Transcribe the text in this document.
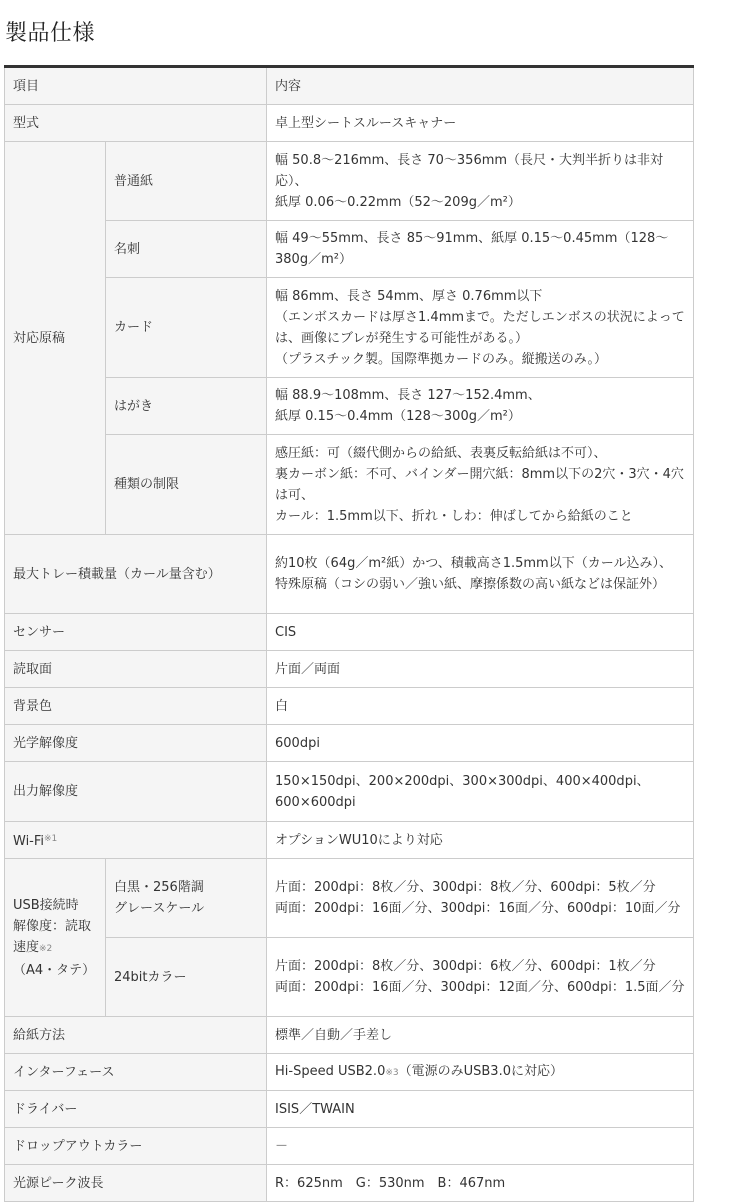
製品仕様
項目		内容
型式		卓上型シートスルースキャナー
対応原稿	普通紙	幅 50.8～216mm、長さ 70～356mm（長尺・大判半折りは非対応）、
紙厚 0.06～0.22mm（52～209g／m²）

	名刺	幅 49～55mm、長さ 85～91mm、紙厚 0.15～0.45mm（128～380g／m²）

	カード	幅 86mm、長さ 54mm、厚さ 0.76mm以下
（エンボスカードは厚さ1.4mmまで。ただしエンボスの状況によっては、画像にブレが発生する可能性がある。）
（プラスチック製。国際準拠カードのみ。縦搬送のみ。）

	はがき	幅 88.9～108mm、長さ 127～152.4mm、
紙厚 0.15～0.4mm（128～300g／m²）

	種類の制限	感圧紙：可（綴代側からの給紙、表裏反転給紙は不可）、
裏カーボン紙：不可、バインダー開穴紙：8mm以下の2穴・3穴・4穴は可、
カール：1.5mm以下、折れ・しわ：伸ばしてから給紙のこと

最大トレー積載量（カール量含む）		約10枚（64g／m²紙）かつ、積載高さ1.5mm以下（カール込み）、
特殊原稿（コシの弱い／強い紙、摩擦係数の高い紙などは保証外）

センサー		CIS
読取面		片面／両面
背景色		白
光学解像度		600dpi
出力解像度		150×150dpi、200×200dpi、300×300dpi、400×400dpi、
600×600dpi

Wi-Fi$^{※1}$		オプションWU10により対応

USB接続時
解像度：読取
速度※2
（A4・タテ）	白黒・256階調
グレースケール	片面：200dpi：8枚／分、300dpi：8枚／分、600dpi：5枚／分
両面：200dpi：16面／分、300dpi：16面／分、600dpi：10面／分

	24bitカラー	片面：200dpi：8枚／分、300dpi：6枚／分、600dpi：1枚／分
両面：200dpi：16面／分、300dpi：12面／分、600dpi：1.5面／分

給紙方法		標準／自動／手差し
インターフェース		Hi-Speed USB2.0※3（電源のみUSB3.0に対応）
ドライバー		ISIS／TWAIN
ドロップアウトカラー		－
光源ピーク波長		R：625nm　G：530nm　B：467nm
